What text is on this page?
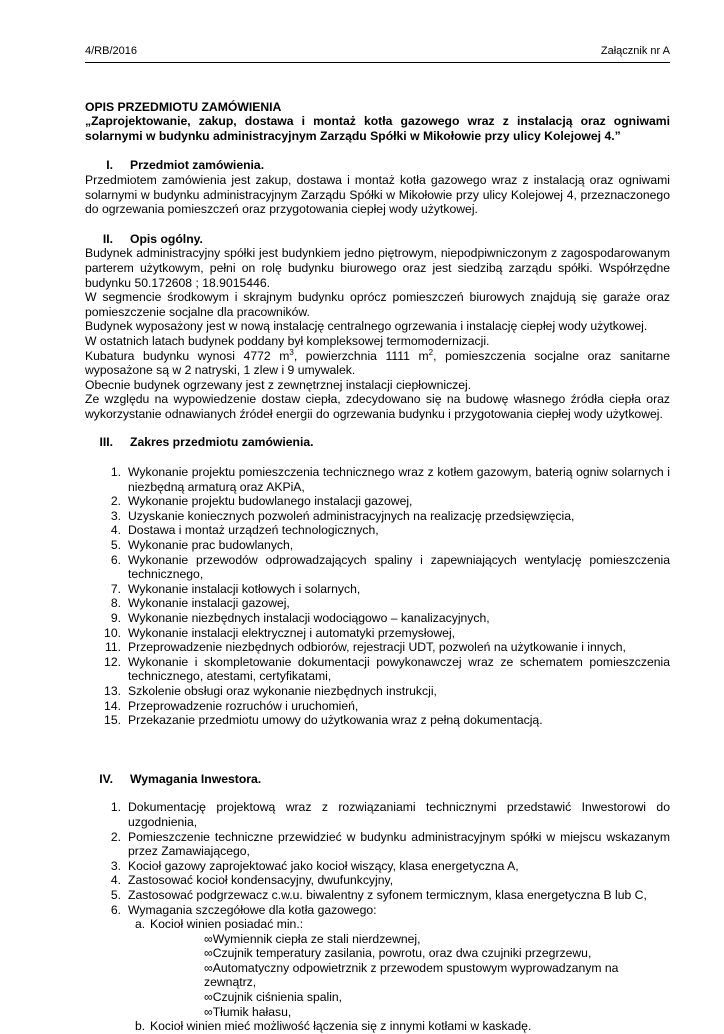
4/RB/2016	Załącznik nr A
OPIS PRZEDMIOTU ZAMÓWIENIA
„Zaprojektowanie, zakup, dostawa i montaż kotła gazowego wraz z instalacją oraz ogniwami solarnymi w budynku administracyjnym Zarządu Spółki w Mikołowie przy ulicy Kolejowej 4.”
I.	Przedmiot zamówienia.
Przedmiotem zamówienia jest zakup, dostawa i montaż kotła gazowego wraz z instalacją oraz ogniwami solarnymi w budynku administracyjnym Zarządu Spółki w Mikołowie przy ulicy Kolejowej 4, przeznaczonego do ogrzewania pomieszczeń oraz przygotowania ciepłej wody użytkowej.
II.	Opis ogólny.
Budynek administracyjny spółki jest budynkiem jedno piętrowym, niepodpiwniczonym z zagospodarowanym parterem użytkowym, pełni on rolę budynku biurowego oraz jest siedzibą zarządu spółki. Współrzędne budynku 50.172608 ; 18.9015446.
W segmencie środkowym i skrajnym budynku oprócz pomieszczeń biurowych znajdują się garaże oraz pomieszczenie socjalne dla pracowników.
Budynek wyposażony jest w nową instalację centralnego ogrzewania i instalację ciepłej wody użytkowej.
W ostatnich latach budynek poddany był kompleksowej termomodernizacji.
Kubatura budynku wynosi 4772 $m^3$, powierzchnia 1111 $m^2$, pomieszczenia socjalne oraz sanitarne wyposażone są w 2 natryski, 1 zlew i 9 umywalek.
Obecnie budynek ogrzewany jest z zewnętrznej instalacji ciepłowniczej.
Ze względu na wypowiedzenie dostaw ciepła, zdecydowano się na budowę własnego źródła ciepła oraz wykorzystanie odnawianych źródeł energii do ogrzewania budynku i przygotowania ciepłej wody użytkowej.
III.	Zakres przedmiotu zamówienia.
1. Wykonanie projektu pomieszczenia technicznego wraz z kotłem gazowym, baterią ogniw solarnych i niezbędną armaturą oraz AKPiA,
2. Wykonanie projektu budowlanego instalacji gazowej,
3. Uzyskanie koniecznych pozwoleń administracyjnych na realizację przedsięwzięcia,
4. Dostawa i montaż urządzeń technologicznych,
5. Wykonanie prac budowlanych,
6. Wykonanie przewodów odprowadzających spaliny i zapewniających wentylację pomieszczenia technicznego,
7. Wykonanie instalacji kotłowych i solarnych,
8. Wykonanie instalacji gazowej,
9. Wykonanie niezbędnych instalacji wodociągowo – kanalizacyjnych,
10. Wykonanie instalacji elektrycznej i automatyki przemysłowej,
11. Przeprowadzenie niezbędnych odbiorów, rejestracji UDT, pozwoleń na użytkowanie i innych,
12. Wykonanie i skompletowanie dokumentacji powykonawczej wraz ze schematem pomieszczenia technicznego, atestami, certyfikatami,
13. Szkolenie obsługi oraz wykonanie niezbędnych instrukcji,
14. Przeprowadzenie rozruchów i uruchomień,
15. Przekazanie przedmiotu umowy do użytkowania wraz z pełną dokumentacją.
IV.	Wymagania Inwestora.
1. Dokumentację projektową wraz z rozwiązaniami technicznymi przedstawić Inwestorowi do uzgodnienia,
2. Pomieszczenie techniczne przewidzieć w budynku administracyjnym spółki w miejscu wskazanym przez Zamawiającego,
3. Kocioł gazowy zaprojektować jako kocioł wiszący, klasa energetyczna A,
4. Zastosować kocioł kondensacyjny, dwufunkcyjny,
5. Zastosować podgrzewacz c.w.u. biwalentny z syfonem termicznym, klasa energetyczna B lub C,
6. Wymagania szczegółowe dla kotła gazowego:
a. Kocioł winien posiadać min.:
∞Wymiennik ciepła ze stali nierdzewnej,
∞Czujnik temperatury zasilania, powrotu, oraz dwa czujniki przegrzewu,
∞Automatyczny odpowietrznik z przewodem spustowym wyprowadzanym na zewnątrz,
∞Czujnik ciśnienia spalin,
∞Tłumik hałasu,
b. Kocioł winien mieć możliwość łączenia się z innymi kotłami w kaskadę.
